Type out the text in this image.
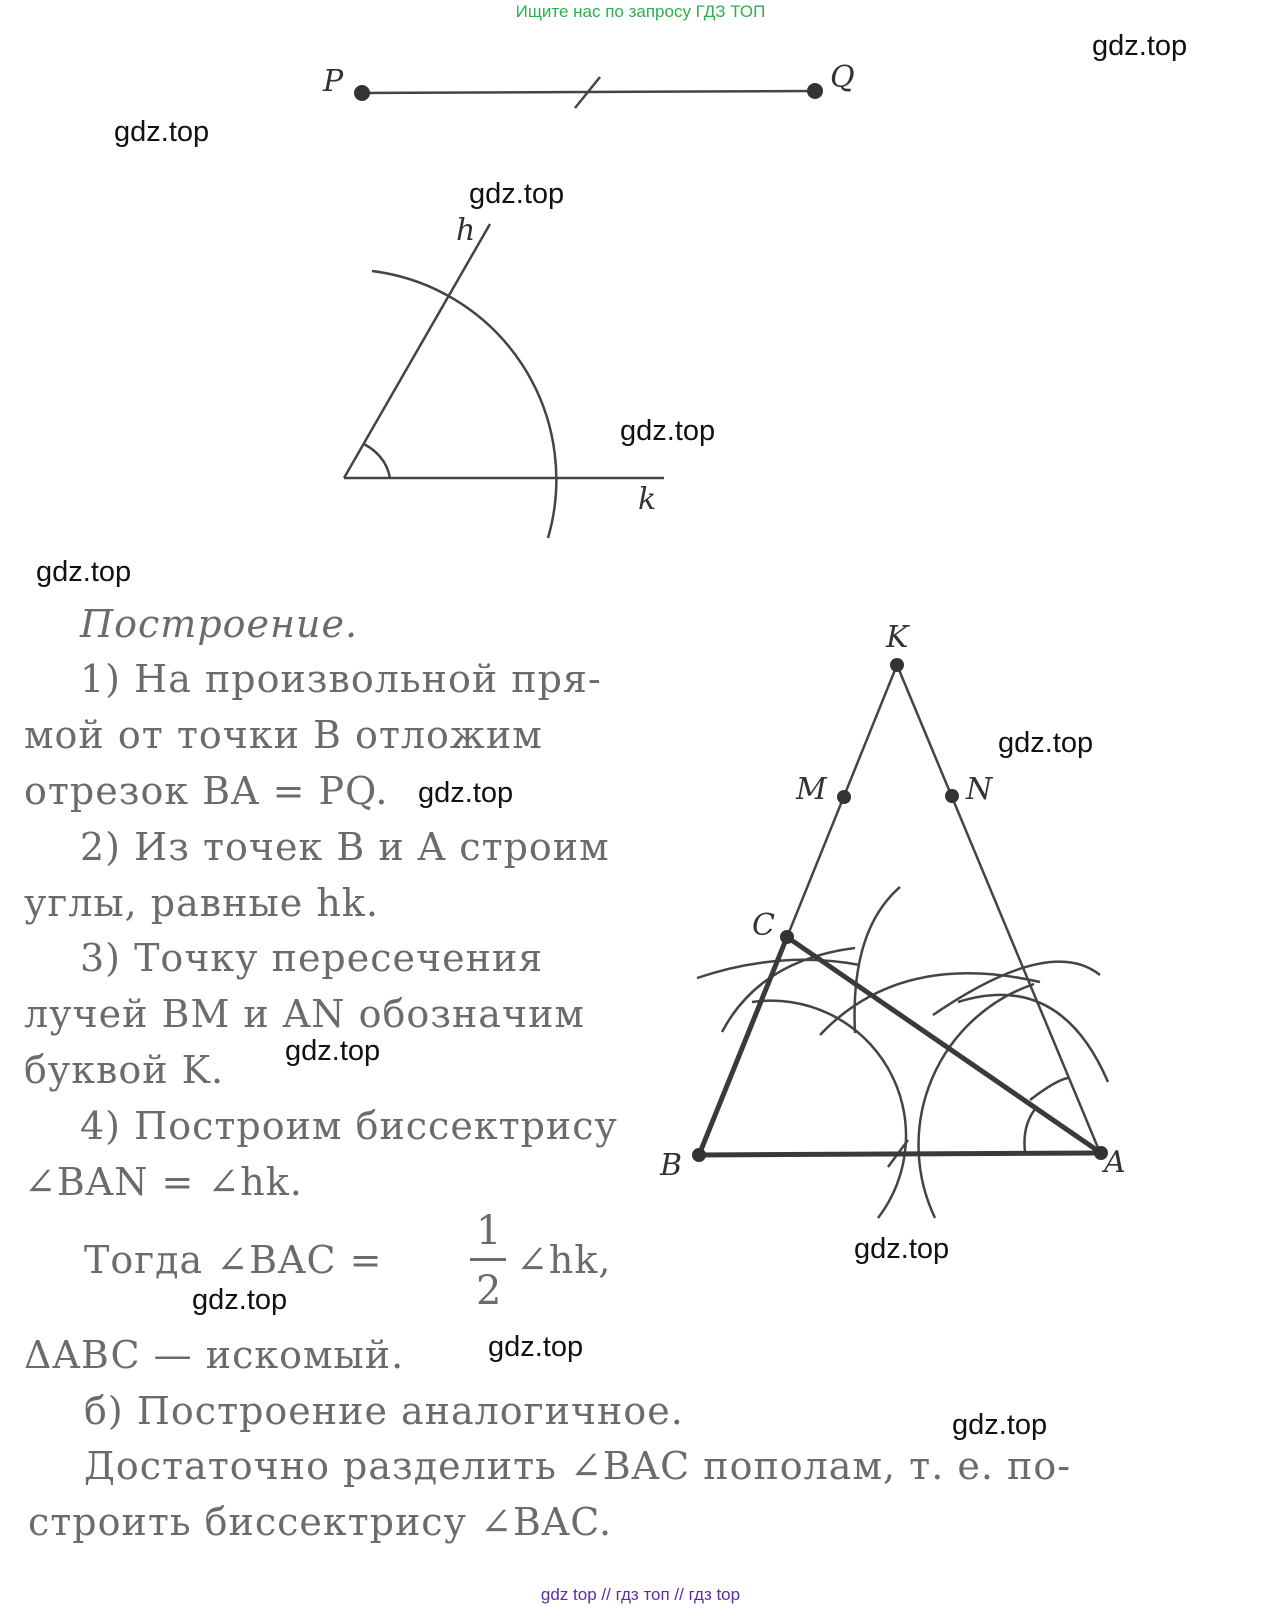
Ищите нас по запросу ГДЗ ТОП
P	Q
h
k
K
M	N
C
B	A
Построение.
1) На произвольной пря-
мой от точки B отложим
отрезок BA = PQ.
2) Из точек B и A строим
углы, равные hk.
3) Точку пересечения
лучей BM и AN обозначим
буквой K.
4) Построим биссектрису
∠BAN = ∠hk.
Тогда ∠BAC =
1
2
∠hk,
ΔABC — искомый.
б) Построение аналогичное.
Достаточно разделить ∠BAC пополам, т. е. по-
строить биссектрису ∠BAC.
gdz.top
gdz.top
gdz.top
gdz.top
gdz.top
gdz.top
gdz.top
gdz.top
gdz.top
gdz.top
gdz.top
gdz.top
gdz top // гдз топ // гдз top
